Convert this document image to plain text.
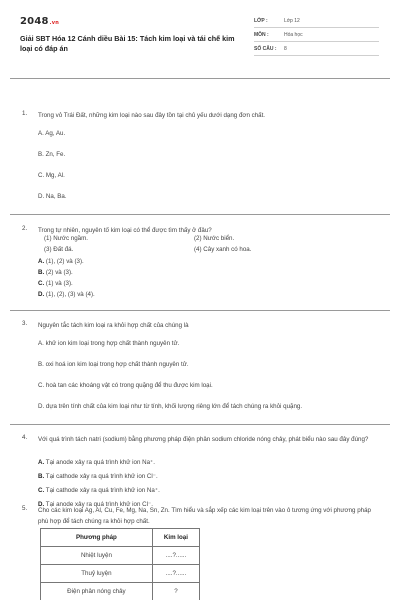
2048.vn
Giải SBT Hóa 12 Cánh diều Bài 15: Tách kim loại và tái chế kim loại có đáp án
LỚP :	Lớp 12
MÔN :	Hóa học
SỐ CÂU : 8
1. Trong vỏ Trái Đất, những kim loại nào sau đây tồn tại chủ yếu dưới dạng đơn chất.
A. Ag, Au.
B. Zn, Fe.
C. Mg, Al.
D. Na, Ba.
2. Trong tự nhiên, nguyên tố kim loại có thể được tìm thấy ở đâu?
(1) Nước ngầm.	(2) Nước biển.
(3) Đất đá.	(4) Cây xanh có hoa.
A. (1), (2) và (3).
B. (2) và (3).
C. (1) và (3).
D. (1), (2), (3) và (4).
3. Nguyên tắc tách kim loại ra khỏi hợp chất của chúng là
A. khử ion kim loại trong hợp chất thành nguyên tử.
B. oxi hoá ion kim loại trong hợp chất thành nguyên tử.
C. hoà tan các khoáng vật có trong quặng để thu được kim loại.
D. dựa trên tính chất của kim loại như từ tính, khối lượng riêng lớn để tách chúng ra khỏi quặng.
4. Với quá trình tách natri (sodium) bằng phương pháp điện phân sodium chloride nóng chảy, phát biểu nào sau đây đúng?
A. Tại anode xảy ra quá trình khử ion Na⁺.
B. Tại cathode xảy ra quá trình khử ion Cl⁻.
C. Tại cathode xảy ra quá trình khử ion Na⁺.
D. Tại anode xảy ra quá trình khử ion Cl⁻.
5. Cho các kim loại Ag, Al, Cu, Fe, Mg, Na, Sn, Zn. Tìm hiểu và sắp xếp các kim loại trên vào ô tương ứng với phương pháp phù hợp để tách chúng ra khỏi hợp chất.
Phương pháp	Kim loại
Nhiệt luyện	....?......
Thuỷ luyện	....?......
Điện phân nóng chảy	?
